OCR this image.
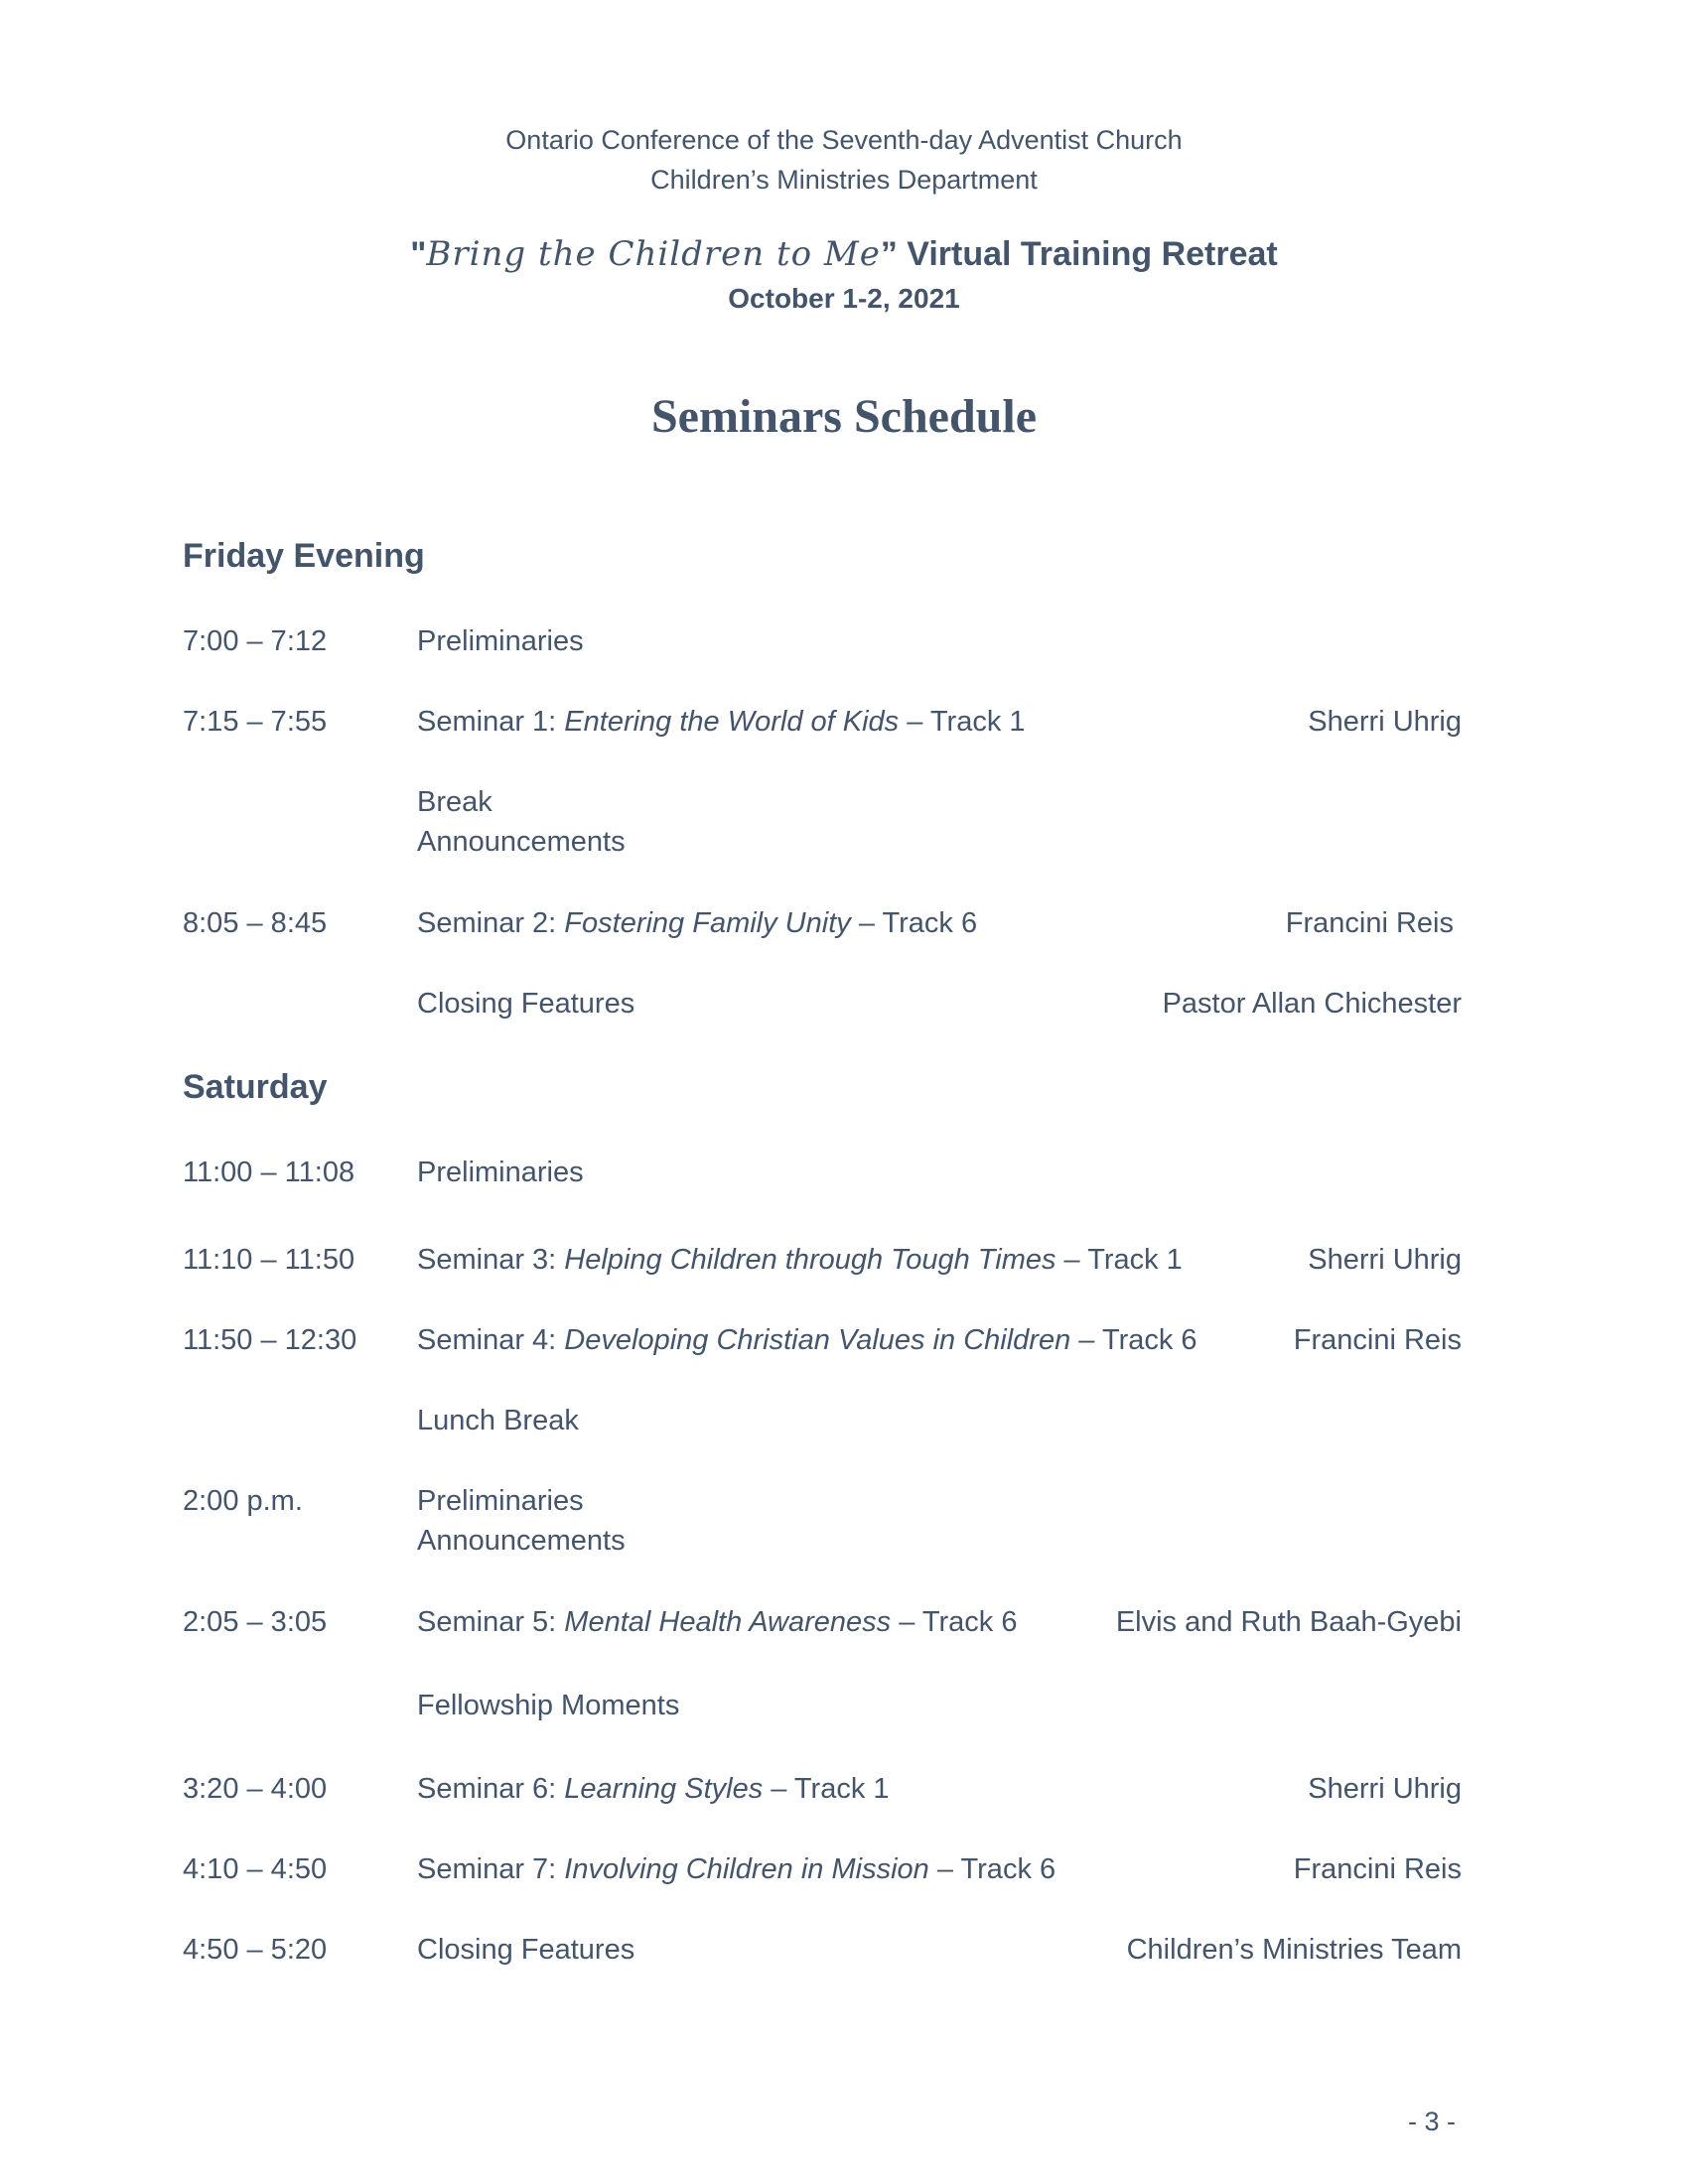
Ontario Conference of the Seventh-day Adventist Church
Children’s Ministries Department
"Bring the Children to Me” Virtual Training Retreat
October 1-2, 2021
Seminars Schedule
Friday Evening
7:00 – 7:12	Preliminaries
7:15 – 7:55	Seminar 1: Entering the World of Kids – Track 1	Sherri Uhrig
Break
Announcements
8:05 – 8:45	Seminar 2: Fostering Family Unity – Track 6	Francini Reis
Closing Features	Pastor Allan Chichester
Saturday
11:00 – 11:08 Preliminaries
11:10 – 11:50 Seminar 3: Helping Children through Tough Times – Track 1	Sherri Uhrig
11:50 – 12:30 Seminar 4: Developing Christian Values in Children – Track 6	Francini Reis
Lunch Break
2:00 p.m.	Preliminaries
Announcements
2:05 – 3:05	Seminar 5: Mental Health Awareness – Track 6	Elvis and Ruth Baah-Gyebi
Fellowship Moments
3:20 – 4:00	Seminar 6: Learning Styles – Track 1	Sherri Uhrig
4:10 – 4:50	Seminar 7: Involving Children in Mission – Track 6	Francini Reis
4:50 – 5:20	Closing Features	Children’s Ministries Team
- 3 -
